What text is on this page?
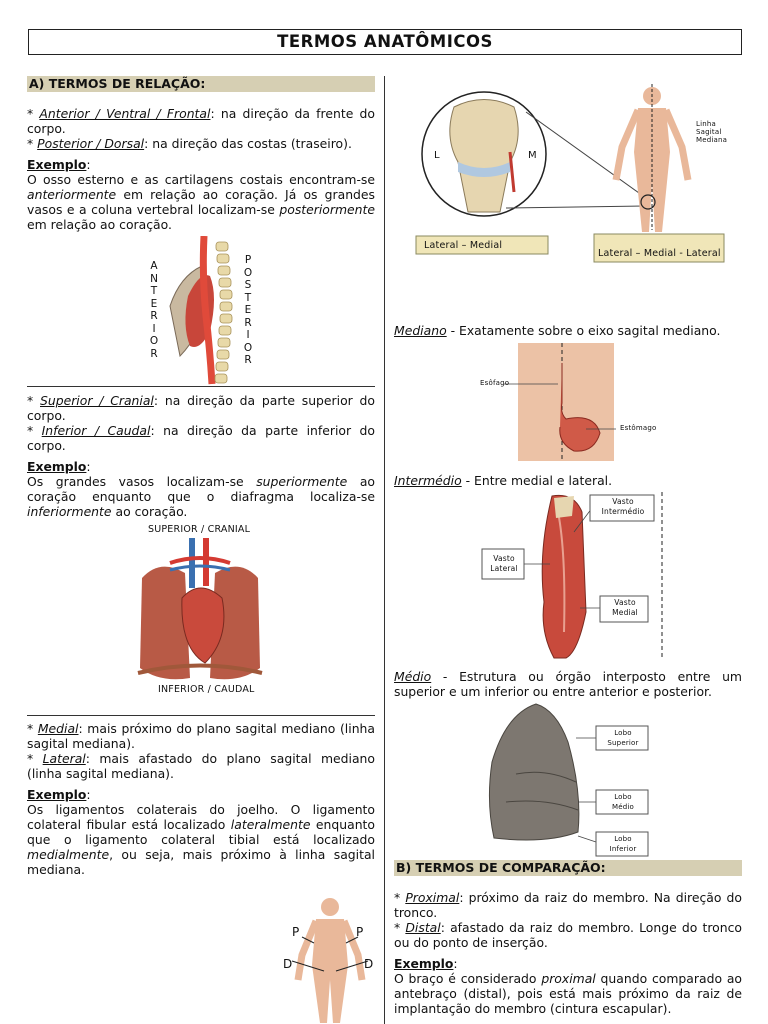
TERMOS ANATÔMICOS
A) TERMOS DE RELAÇÃO:

* Anterior / Ventral / Frontal: na direção da frente do corpo.

* Posterior / Dorsal: na direção das costas (traseiro).

Exemplo:

O osso esterno e as cartilagens costais encontram-se anteriormente em relação ao coração. Já os grandes vasos e a coluna vertebral localizam-se posteriormente em relação ao coração.

A
N
T
E
R
I
O
R
P
O
S
T
E
R
I
O
R

* Superior / Cranial: na direção da parte superior do corpo.

* Inferior / Caudal: na direção da parte inferior do corpo.

Exemplo:

Os grandes vasos localizam-se superiormente ao coração enquanto que o diafragma localiza-se inferiormente ao coração.

SUPERIOR / CRANIAL
INFERIOR / CAUDAL

* Medial: mais próximo do plano sagital mediano (linha sagital mediana).

* Lateral: mais afastado do plano sagital mediano (linha sagital mediana).

Exemplo:

Os ligamentos colaterais do joelho. O ligamento colateral fibular está localizado lateralmente enquanto que o ligamento colateral tibial está localizado medialmente, ou seja, mais próximo à linha sagital mediana.

P	P
D	D
L	M
Lateral – Medial
Lateral – Medial - Lateral
Linha
Sagital
Mediana

Mediano - Exatamente sobre o eixo sagital mediano.

Esôfago
Estômago

Intermédio - Entre medial e lateral.

Vasto
Intermédio
Vasto
Lateral
Vasto
Medial

Médio - Estrutura ou órgão interposto entre um superior e um inferior ou entre anterior e posterior.

Lobo
Superior
Lobo
Médio
Lobo
Inferior
B) TERMOS DE COMPARAÇÃO:

* Proximal: próximo da raiz do membro. Na direção do tronco.

* Distal: afastado da raiz do membro. Longe do tronco ou do ponto de inserção.

Exemplo:

O braço é considerado proximal quando comparado ao antebraço (distal), pois está mais próximo da raiz de implantação do membro (cintura escapular).
